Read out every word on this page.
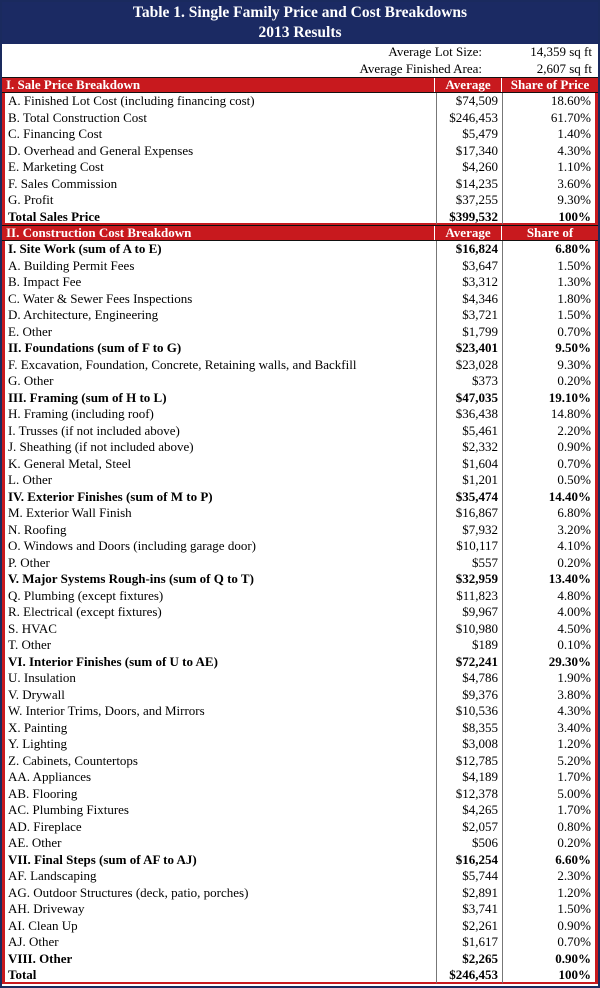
Table 1. Single Family Price and Cost Breakdowns
2013 Results
Average Lot Size:	14,359 sq ft
Average Finished Area:	2,607 sq ft
I. Sale Price Breakdown	Average	Share of Price
A. Finished Lot Cost (including financing cost)	$74,509	18.60%
B. Total Construction Cost	$246,453	61.70%
C. Financing Cost	$5,479	1.40%
D. Overhead and General Expenses	$17,340	4.30%
E. Marketing Cost	$4,260	1.10%
F. Sales Commission	$14,235	3.60%
G. Profit	$37,255	9.30%
Total Sales Price	$399,532	100%
II. Construction Cost Breakdown	Average	Share of
I. Site Work (sum of A to E)	$16,824	6.80%
A. Building Permit Fees	$3,647	1.50%
B. Impact Fee	$3,312	1.30%
C. Water & Sewer Fees Inspections	$4,346	1.80%
D. Architecture, Engineering	$3,721	1.50%
E. Other	$1,799	0.70%
II. Foundations (sum of F to G)	$23,401	9.50%
F. Excavation, Foundation, Concrete, Retaining walls, and Backfill	$23,028	9.30%
G. Other	$373	0.20%
III. Framing (sum of H to L)	$47,035	19.10%
H. Framing (including roof)	$36,438	14.80%
I. Trusses (if not included above)	$5,461	2.20%
J. Sheathing (if not included above)	$2,332	0.90%
K. General Metal, Steel	$1,604	0.70%
L. Other	$1,201	0.50%
IV. Exterior Finishes (sum of M to P)	$35,474	14.40%
M. Exterior Wall Finish	$16,867	6.80%
N. Roofing	$7,932	3.20%
O. Windows and Doors (including garage door)	$10,117	4.10%
P. Other	$557	0.20%
V. Major Systems Rough-ins (sum of Q to T)	$32,959	13.40%
Q. Plumbing (except fixtures)	$11,823	4.80%
R. Electrical (except fixtures)	$9,967	4.00%
S. HVAC	$10,980	4.50%
T. Other	$189	0.10%
VI. Interior Finishes (sum of U to AE)	$72,241	29.30%
U. Insulation	$4,786	1.90%
V. Drywall	$9,376	3.80%
W. Interior Trims, Doors, and Mirrors	$10,536	4.30%
X. Painting	$8,355	3.40%
Y. Lighting	$3,008	1.20%
Z. Cabinets, Countertops	$12,785	5.20%
AA. Appliances	$4,189	1.70%
AB. Flooring	$12,378	5.00%
AC. Plumbing Fixtures	$4,265	1.70%
AD. Fireplace	$2,057	0.80%
AE. Other	$506	0.20%
VII. Final Steps (sum of AF to AJ)	$16,254	6.60%
AF. Landscaping	$5,744	2.30%
AG. Outdoor Structures (deck, patio, porches)	$2,891	1.20%
AH. Driveway	$3,741	1.50%
AI. Clean Up	$2,261	0.90%
AJ. Other	$1,617	0.70%
VIII. Other	$2,265	0.90%
Total	$246,453	100%
